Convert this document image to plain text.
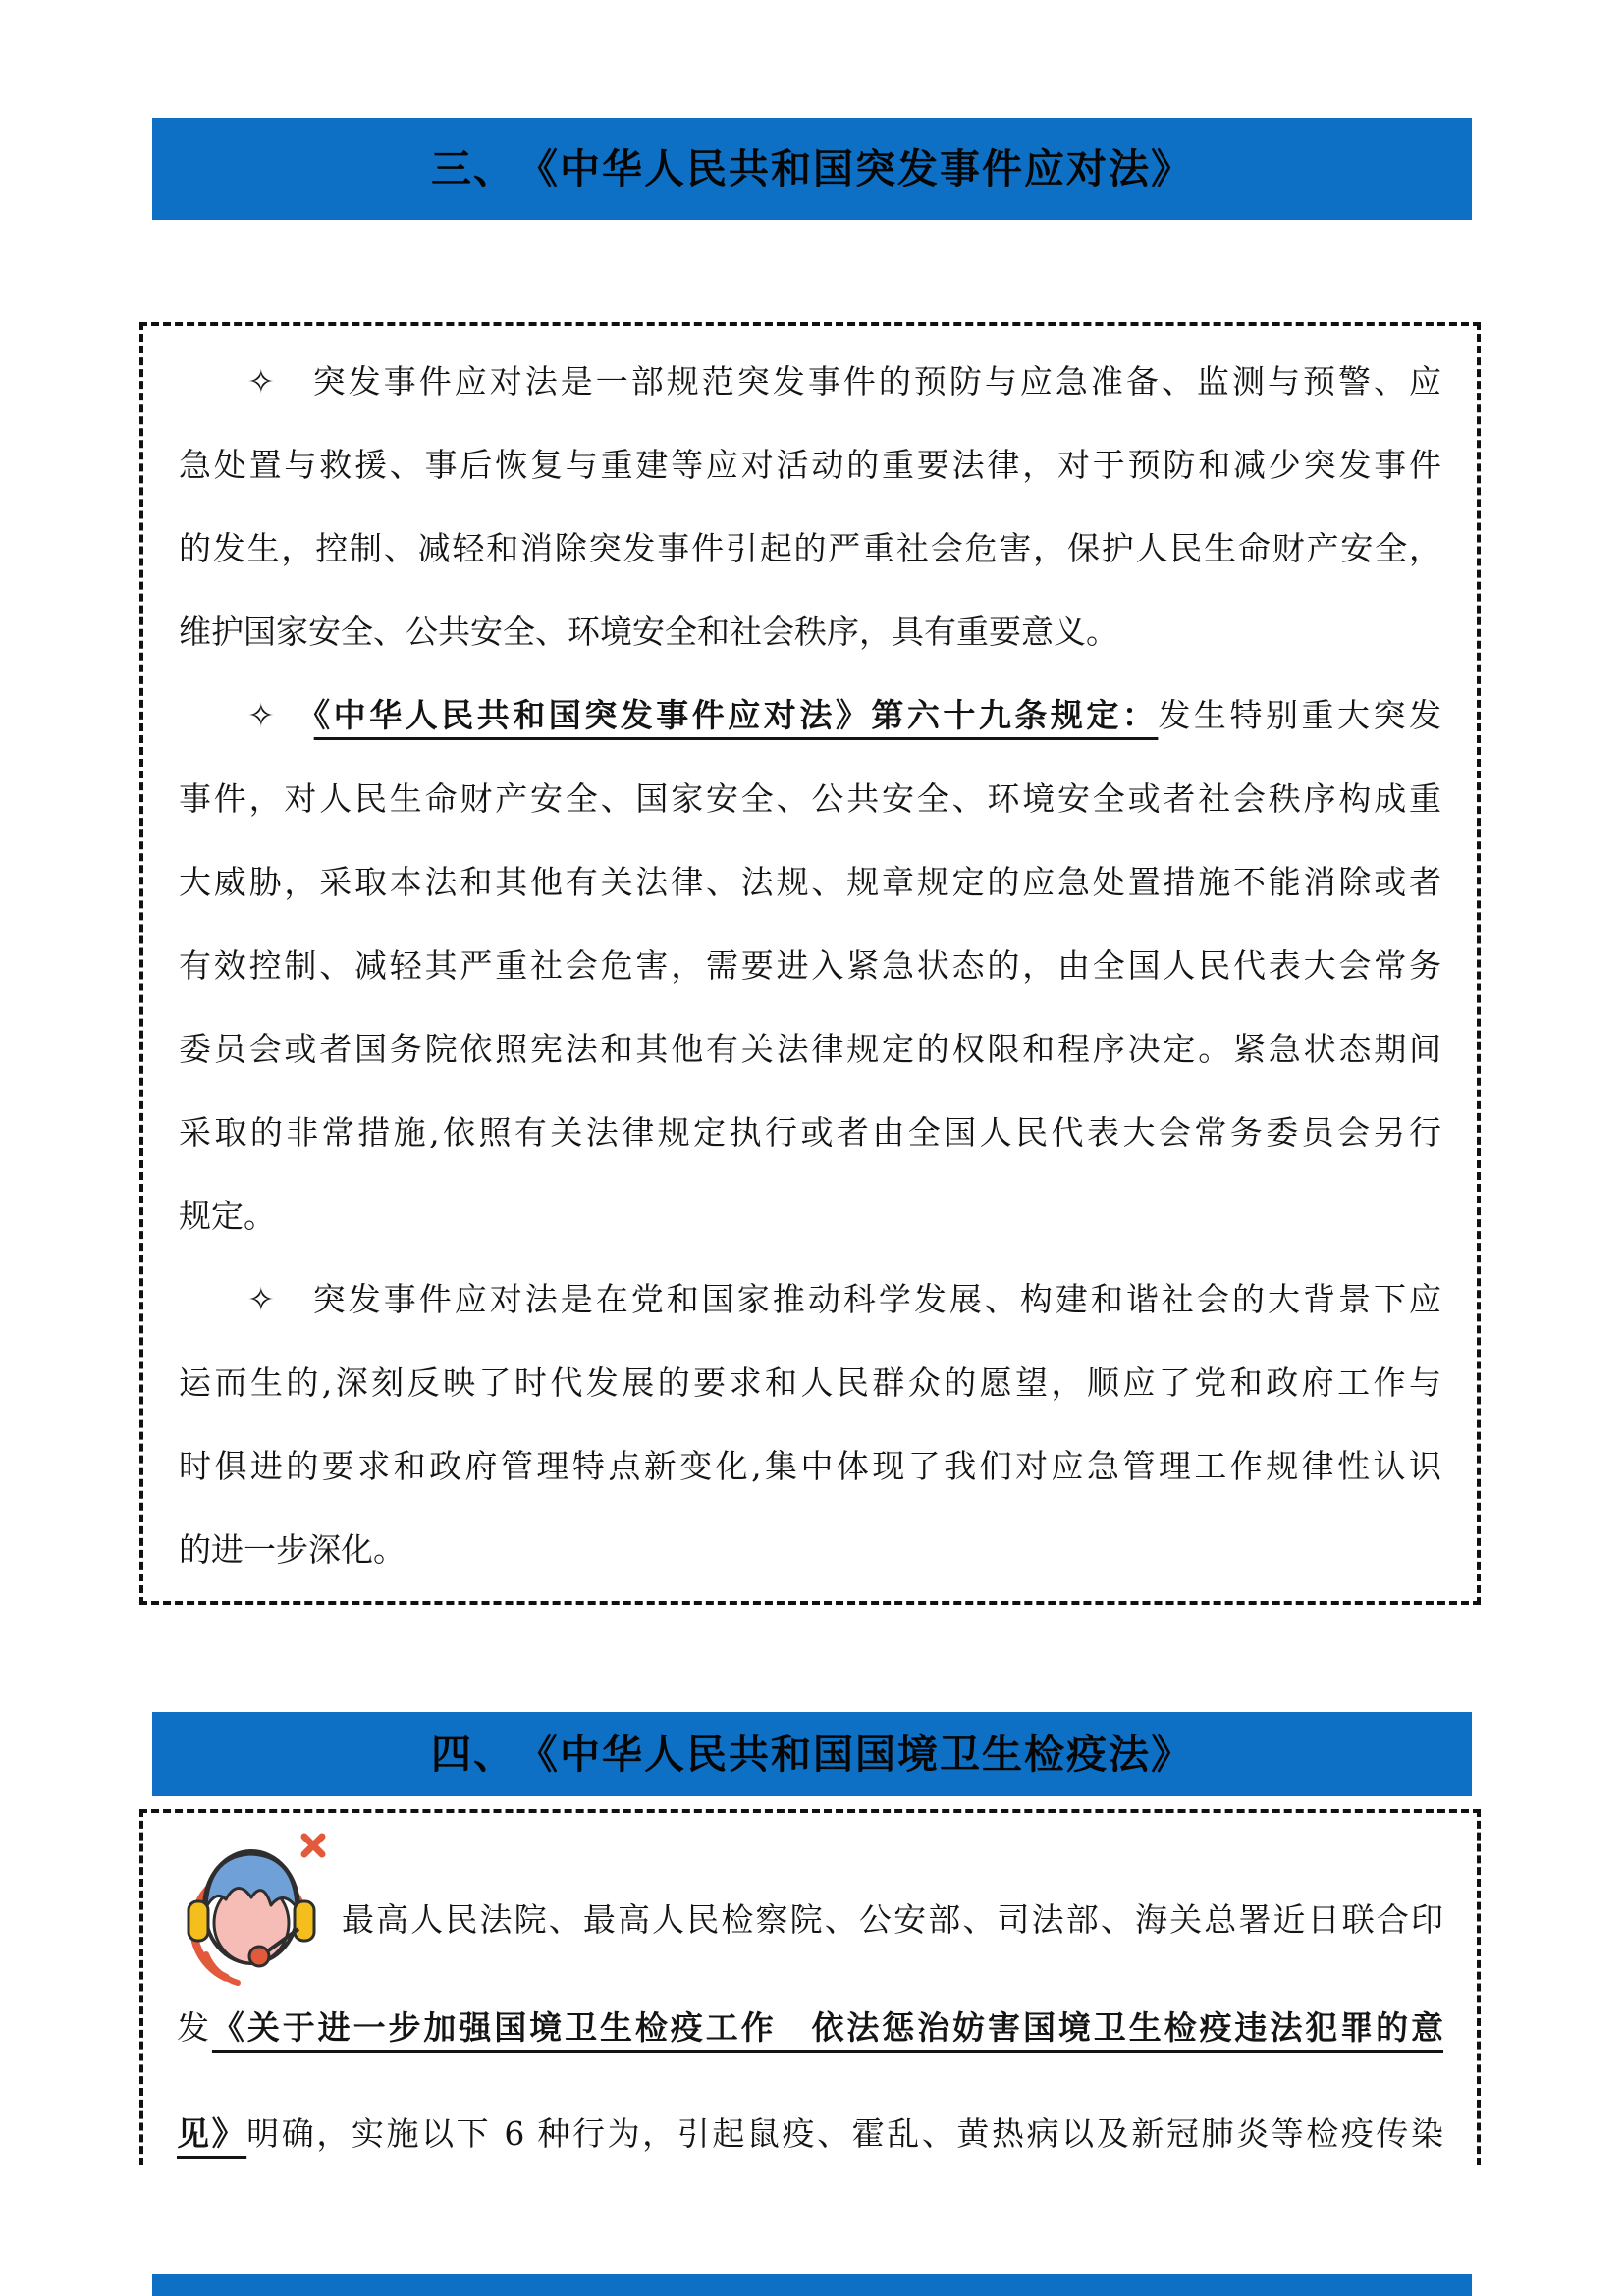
三、　《中华人民共和国突发事件应对法》
✧　突发事件应对法是一部规范突发事件的预防与应急准备、监测与预警、应
急处置与救援、事后恢复与重建等应对活动的重要法律，对于预防和减少突发事件
的发生，控制、减轻和消除突发事件引起的严重社会危害，保护人民生命财产安全，
维护国家安全、公共安全、环境安全和社会秩序，具有重要意义。
✧　《中华人民共和国突发事件应对法》第六十九条规定：发生特别重大突发
事件，对人民生命财产安全、国家安全、公共安全、环境安全或者社会秩序构成重
大威胁，采取本法和其他有关法律、法规、规章规定的应急处置措施不能消除或者
有效控制、减轻其严重社会危害，需要进入紧急状态的，由全国人民代表大会常务
委员会或者国务院依照宪法和其他有关法律规定的权限和程序决定。紧急状态期间
采取的非常措施,依照有关法律规定执行或者由全国人民代表大会常务委员会另行
规定。
✧　突发事件应对法是在党和国家推动科学发展、构建和谐社会的大背景下应
运而生的,深刻反映了时代发展的要求和人民群众的愿望，顺应了党和政府工作与
时俱进的要求和政府管理特点新变化,集中体现了我们对应急管理工作规律性认识
的进一步深化。
四、　《中华人民共和国国境卫生检疫法》
最高人民法院、最高人民检察院、公安部、司法部、海关总署近日联合印
发《关于进一步加强国境卫生检疫工作　依法惩治妨害国境卫生检疫违法犯罪的意
见》明确，实施以下 6 种行为，引起鼠疫、霍乱、黄热病以及新冠肺炎等检疫传染
